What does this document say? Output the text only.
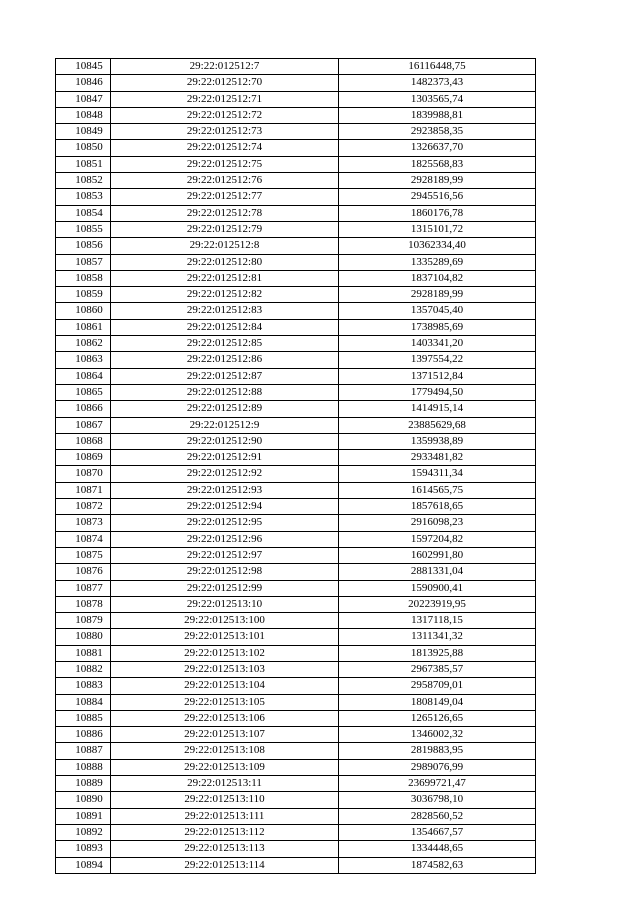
10845	29:22:012512:7	16116448,75
10846	29:22:012512:70	1482373,43
10847	29:22:012512:71	1303565,74
10848	29:22:012512:72	1839988,81
10849	29:22:012512:73	2923858,35
10850	29:22:012512:74	1326637,70
10851	29:22:012512:75	1825568,83
10852	29:22:012512:76	2928189,99
10853	29:22:012512:77	2945516,56
10854	29:22:012512:78	1860176,78
10855	29:22:012512:79	1315101,72
10856	29:22:012512:8	10362334,40
10857	29:22:012512:80	1335289,69
10858	29:22:012512:81	1837104,82
10859	29:22:012512:82	2928189,99
10860	29:22:012512:83	1357045,40
10861	29:22:012512:84	1738985,69
10862	29:22:012512:85	1403341,20
10863	29:22:012512:86	1397554,22
10864	29:22:012512:87	1371512,84
10865	29:22:012512:88	1779494,50
10866	29:22:012512:89	1414915,14
10867	29:22:012512:9	23885629,68
10868	29:22:012512:90	1359938,89
10869	29:22:012512:91	2933481,82
10870	29:22:012512:92	1594311,34
10871	29:22:012512:93	1614565,75
10872	29:22:012512:94	1857618,65
10873	29:22:012512:95	2916098,23
10874	29:22:012512:96	1597204,82
10875	29:22:012512:97	1602991,80
10876	29:22:012512:98	2881331,04
10877	29:22:012512:99	1590900,41
10878	29:22:012513:10	20223919,95
10879	29:22:012513:100	1317118,15
10880	29:22:012513:101	1311341,32
10881	29:22:012513:102	1813925,88
10882	29:22:012513:103	2967385,57
10883	29:22:012513:104	2958709,01
10884	29:22:012513:105	1808149,04
10885	29:22:012513:106	1265126,65
10886	29:22:012513:107	1346002,32
10887	29:22:012513:108	2819883,95
10888	29:22:012513:109	2989076,99
10889	29:22:012513:11	23699721,47
10890	29:22:012513:110	3036798,10
10891	29:22:012513:111	2828560,52
10892	29:22:012513:112	1354667,57
10893	29:22:012513:113	1334448,65
10894	29:22:012513:114	1874582,63
